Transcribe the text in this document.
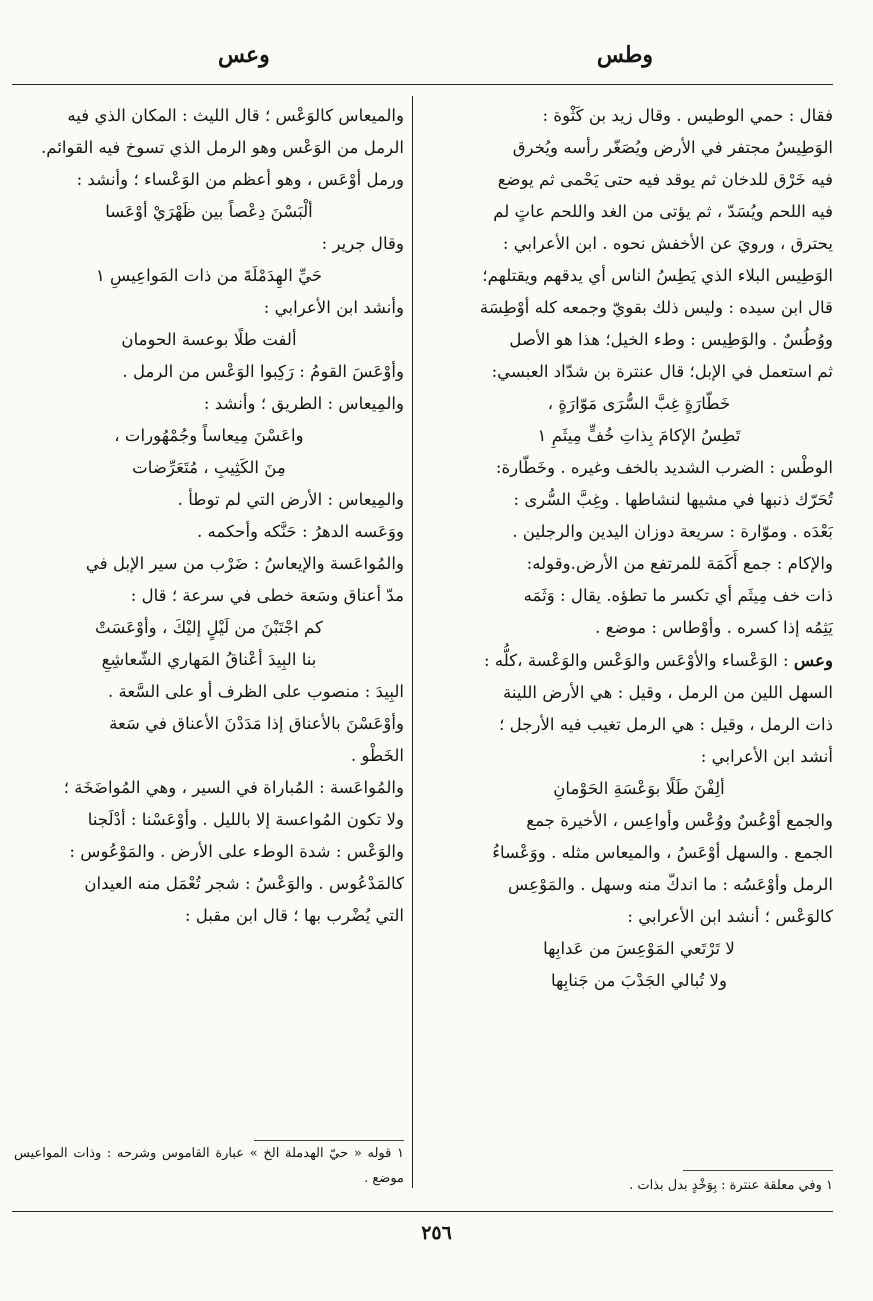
وطس
وعس

فقال : حمي الوطيس . وقال زيد بن كَثْوة :

الوَطِيسُ مجتفر في الأرض ويُصَغّر رأسه ويُخرق

فيه خَرْق للدخان ثم يوقد فيه حتى يَحْمى ثم يوضع

فيه اللحم ويُسَدّ ، ثم يؤتى من الغد واللحم عاتٍ لم

يحترق ، ورويَ عن الأخفش نحوه . ابن الأعرابي :

الوَطِيس البلاء الذي يَطِسُ الناس أي يدقهم ويقتلهم؛

قال ابن سيده : وليس ذلك بقويّ وجمعه كله أوْطِسَة

ووُطُسٌ . والوَطِيس : وطء الخيل؛ هذا هو الأصل

ثم استعمل في الإبل؛ قال عنترة بن شدّاد العبسي:

خَطّارَةٍ غِبَّ السُّرَى مَوّارَةٍ ،

تَطِسُ الإكامَ بِذاتِ خُفٍّ مِيثَمِ ١

الوطْس : الضرب الشديد بالخف وغيره . وخَطّارة:

تُحَرّك ذنبها في مشيها لنشاطها . وغِبَّ السُّرى :

بَعْدَه . وموّارة : سريعة دوزان اليدين والرجلين .

والإكام : جمع أَكَمَة للمرتفع من الأرض.وقوله:

ذات خف مِيثَم أي تكسر ما تطؤه. يقال : وَثَمَه

يَثِمُه إذا كسره . وأوْطاس : موضع .

وعس : الوَعْساء والأوْعَس والوَعْس والوَعْسة ،كلُّه :

السهل اللين من الرمل ، وقيل : هي الأرض اللينة

ذات الرمل ، وقيل : هي الرمل تغيب فيه الأرجل ؛

أنشد ابن الأعرابي :

ألِفْنَ طَلًا بوَعْسَةِ الحَوْمانِ

والجمع أوْعُسٌ ووُعْس وأواعِس ، الأخيرة جمع

الجمع . والسهل أوْعَسُ ، والميعاس مثله . ووَعْساءُ

الرمل وأوْعَسُه : ما اندكّ منه وسهل . والمَوْعِس

كالوَعْس ؛ أنشد ابن الأعرابي :

لا تَرْتَعي المَوْعِسَ من عَدابِها

ولا تُبالي الجَدْبَ من جَنابِها

١ وفي معلقة عنترة : بِوَخْدٍ بدل بذات .

والميعاس كالوَعْس ؛ قال الليث : المكان الذي فيه

الرمل من الوَعْس وهو الرمل الذي تسوخ فيه القوائم.

ورمل أوْعَس ، وهو أعظم من الوَعْساء ؛ وأنشد :

ألْبَسْنَ دِعْصاً بين ظَهْرَيْ أوْعَسا

وقال جرير :

حَيِّ الهِدَمْلَةَ من ذات المَواعِيسِ ١

وأنشد ابن الأعرابي :

ألفت طلًا بوعسة الحومان

وأوْعَسَ القومُ : رَكِبوا الوَعْس من الرمل .

والمِيعاس : الطريق ؛ وأنشد :

واعَسْنَ مِيعاساً وجُمْهُورات ،

مِنَ الكَثِيبِ ، مُتَعَرِّضات

والمِيعاس : الأرض التي لم توطأ .

ووَعَسه الدهرُ : حَنَّكه وأحكمه .

والمُواعَسة والإيعاسُ : ضَرْب من سير الإبل في

مدّ أعناق وسَعة خطى في سرعة ؛ قال :

كم اجْتَبْنَ من لَيْلٍ إليْكَ ، وأوْعَسَتْ

بنا البِيدَ أعْناقُ المَهاري الشّعاشِعِ

البِيدَ : منصوب على الظرف أو على السَّعة .

وأوْعَسْنَ بالأعناق إذا مَدَدْنَ الأعناق في سَعة

الخَطْو .

والمُواعَسة : المُباراة في السير ، وهي المُواضَخَة ؛

ولا تكون المُواعسة إلا بالليل . وأوْعَسْنا : أدْلَجنا

والوَعْس : شدة الوطء على الأرض . والمَوْعُوس :

كالمَدْعُوس . والوَعْسُ : شجر تُعْمَل منه العيدان

التي يُضْرب بها ؛ قال ابن مقبل :

١ قوله « حيّ الهدملة الخ » عبارة القاموس وشرحه : وذات المواعيس موضع .
٢٥٦
